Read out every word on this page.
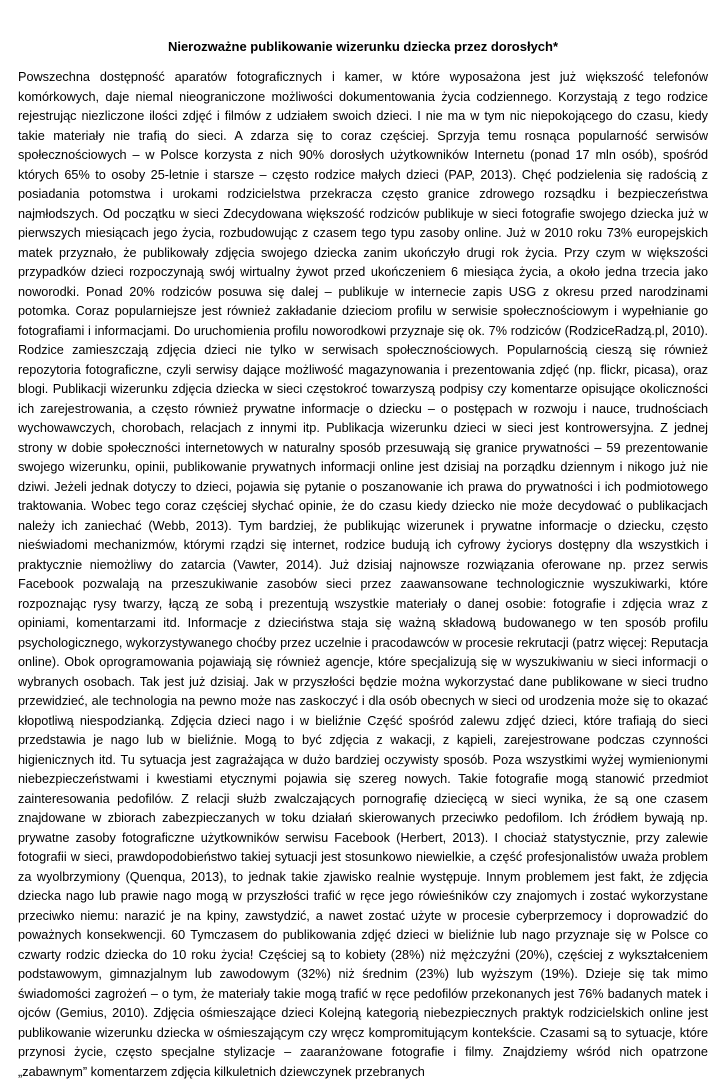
Nierozważne publikowanie wizerunku dziecka przez dorosłych*

Powszechna dostępność aparatów fotograficznych i kamer, w które wyposażona jest już większość telefonów komórkowych, daje niemal nieograniczone możliwości dokumentowania życia codziennego. Korzystają z tego rodzice rejestrując niezliczone ilości zdjęć i filmów z udziałem swoich dzieci. I nie ma w tym nic niepokojącego do czasu, kiedy takie materiały nie trafią do sieci. A zdarza się to coraz częściej. Sprzyja temu rosnąca popularność serwisów społecznościowych – w Polsce korzysta z nich 90% dorosłych użytkowników Internetu (ponad 17 mln osób), spośród których 65% to osoby 25-letnie i starsze – często rodzice małych dzieci (PAP, 2013). Chęć podzielenia się radością z posiadania potomstwa i urokami rodzicielstwa przekracza często granice zdrowego rozsądku i bezpieczeństwa najmłodszych. Od początku w sieci Zdecydowana większość rodziców publikuje w sieci fotografie swojego dziecka już w pierwszych miesiącach jego życia, rozbudowując z czasem tego typu zasoby online. Już w 2010 roku 73% europejskich matek przyznało, że publikowały zdjęcia swojego dziecka zanim ukończyło drugi rok życia. Przy czym w większości przypadków dzieci rozpoczynają swój wirtualny żywot przed ukończeniem 6 miesiąca życia, a około jedna trzecia jako noworodki. Ponad 20% rodziców posuwa się dalej – publikuje w internecie zapis USG z okresu przed narodzinami potomka. Coraz popularniejsze jest również zakładanie dzieciom profilu w serwisie społecznościowym i wypełnianie go fotografiami i informacjami. Do uruchomienia profilu noworodkowi przyznaje się ok. 7% rodziców (RodziceRadzą.pl, 2010). Rodzice zamieszczają zdjęcia dzieci nie tylko w serwisach społecznościowych. Popularnością cieszą się również repozytoria fotograficzne, czyli serwisy dające możliwość magazynowania i prezentowania zdjęć (np. flickr, picasa), oraz blogi. Publikacji wizerunku zdjęcia dziecka w sieci częstokroć towarzyszą podpisy czy komentarze opisujące okoliczności ich zarejestrowania, a często również prywatne informacje o dziecku – o postępach w rozwoju i nauce, trudnościach wychowawczych, chorobach, relacjach z innymi itp. Publikacja wizerunku dzieci w sieci jest kontrowersyjna. Z jednej strony w dobie społeczności internetowych w naturalny sposób przesuwają się granice prywatności – 59 prezentowanie swojego wizerunku, opinii, publikowanie prywatnych informacji online jest dzisiaj na porządku dziennym i nikogo już nie dziwi. Jeżeli jednak dotyczy to dzieci, pojawia się pytanie o poszanowanie ich prawa do prywatności i ich podmiotowego traktowania. Wobec tego coraz częściej słychać opinie, że do czasu kiedy dziecko nie może decydować o publikacjach należy ich zaniechać (Webb, 2013). Tym bardziej, że publikując wizerunek i prywatne informacje o dziecku, często nieświadomi mechanizmów, którymi rządzi się internet, rodzice budują ich cyfrowy życiorys dostępny dla wszystkich i praktycznie niemożliwy do zatarcia (Vawter, 2014). Już dzisiaj najnowsze rozwiązania oferowane np. przez serwis Facebook pozwalają na przeszukiwanie zasobów sieci przez zaawansowane technologicznie wyszukiwarki, które rozpoznając rysy twarzy, łączą ze sobą i prezentują wszystkie materiały o danej osobie: fotografie i zdjęcia wraz z opiniami, komentarzami itd. Informacje z dzieciństwa staja się ważną składową budowanego w ten sposób profilu psychologicznego, wykorzystywanego choćby przez uczelnie i pracodawców w procesie rekrutacji (patrz więcej: Reputacja online). Obok oprogramowania pojawiają się również agencje, które specjalizują się w wyszukiwaniu w sieci informacji o wybranych osobach. Tak jest już dzisiaj. Jak w przyszłości będzie można wykorzystać dane publikowane w sieci trudno przewidzieć, ale technologia na pewno może nas zaskoczyć i dla osób obecnych w sieci od urodzenia może się to okazać kłopotliwą niespodzianką. Zdjęcia dzieci nago i w bieliźnie Część spośród zalewu zdjęć dzieci, które trafiają do sieci przedstawia je nago lub w bieliźnie. Mogą to być zdjęcia z wakacji, z kąpieli, zarejestrowane podczas czynności higienicznych itd. Tu sytuacja jest zagrażająca w dużo bardziej oczywisty sposób. Poza wszystkimi wyżej wymienionymi niebezpieczeństwami i kwestiami etycznymi pojawia się szereg nowych. Takie fotografie mogą stanowić przedmiot zainteresowania pedofilów. Z relacji służb zwalczających pornografię dziecięcą w sieci wynika, że są one czasem znajdowane w zbiorach zabezpieczanych w toku działań skierowanych przeciwko pedofilom. Ich źródłem bywają np. prywatne zasoby fotograficzne użytkowników serwisu Facebook (Herbert, 2013). I chociaż statystycznie, przy zalewie fotografii w sieci, prawdopodobieństwo takiej sytuacji jest stosunkowo niewielkie, a część profesjonalistów uważa problem za wyolbrzymiony (Quenqua, 2013), to jednak takie zjawisko realnie występuje. Innym problemem jest fakt, że zdjęcia dziecka nago lub prawie nago mogą w przyszłości trafić w ręce jego rówieśników czy znajomych i zostać wykorzystane przeciwko niemu: narazić je na kpiny, zawstydzić, a nawet zostać użyte w procesie cyberprzemocy i doprowadzić do poważnych konsekwencji. 60 Tymczasem do publikowania zdjęć dzieci w bieliźnie lub nago przyznaje się w Polsce co czwarty rodzic dziecka do 10 roku życia! Częściej są to kobiety (28%) niż mężczyźni (20%), częściej z wykształceniem podstawowym, gimnazjalnym lub zawodowym (32%) niż średnim (23%) lub wyższym (19%). Dzieje się tak mimo świadomości zagrożeń – o tym, że materiały takie mogą trafić w ręce pedofilów przekonanych jest 76% badanych matek i ojców (Gemius, 2010). Zdjęcia ośmieszające dzieci Kolejną kategorią niebezpiecznych praktyk rodzicielskich online jest publikowanie wizerunku dziecka w ośmieszającym czy wręcz kompromitującym kontekście. Czasami są to sytuacje, które przynosi życie, często specjalne stylizacje – zaaranżowane fotografie i filmy. Znajdziemy wśród nich opatrzone „zabawnym” komentarzem zdjęcia kilkuletnich dziewczynek przebranych
